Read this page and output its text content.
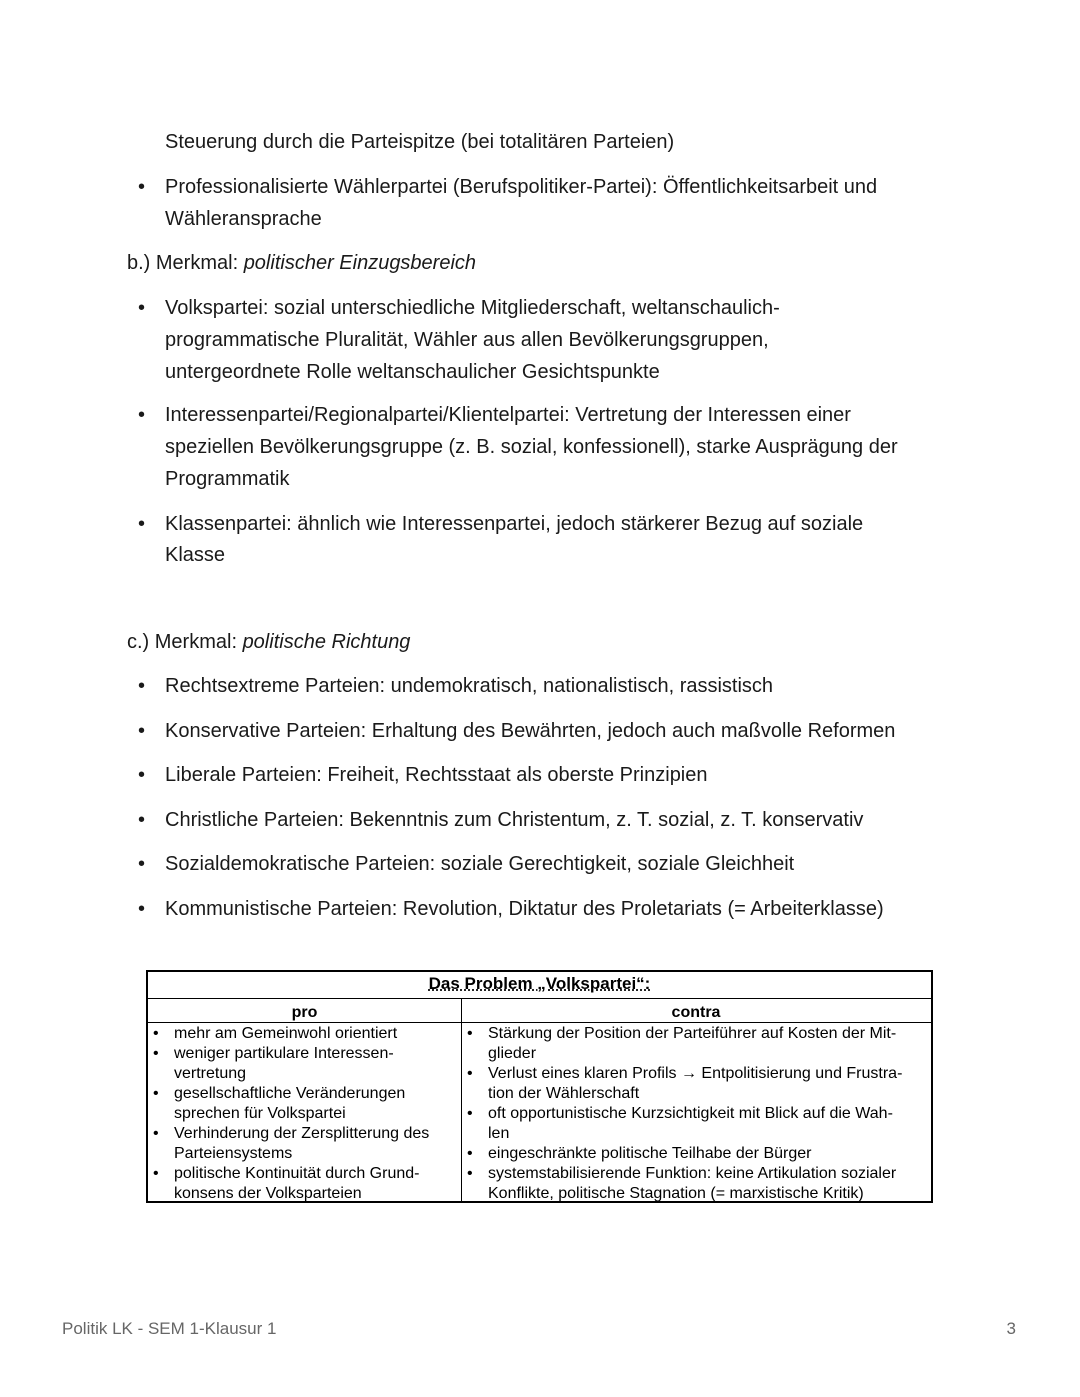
Steuerung durch die Parteispitze (bei totalitären Parteien)
• Professionalisierte Wählerpartei (Berufspolitiker-Partei): Öffentlichkeitsarbeit und
Wähleransprache
b.) Merkmal: politischer Einzugsbereich
• Volkspartei: sozial unterschiedliche Mitgliederschaft, weltanschaulich-
programmatische Pluralität, Wähler aus allen Bevölkerungsgruppen,
untergeordnete Rolle weltanschaulicher Gesichtspunkte
• Interessenpartei/Regionalpartei/Klientelpartei: Vertretung der Interessen einer
speziellen Bevölkerungsgruppe (z. B. sozial, konfessionell), starke Ausprägung der
Programmatik
• Klassenpartei: ähnlich wie Interessenpartei, jedoch stärkerer Bezug auf soziale
Klasse
c.) Merkmal: politische Richtung
• Rechtsextreme Parteien: undemokratisch, nationalistisch, rassistisch
• Konservative Parteien: Erhaltung des Bewährten, jedoch auch maßvolle Reformen
• Liberale Parteien: Freiheit, Rechtsstaat als oberste Prinzipien
• Christliche Parteien: Bekenntnis zum Christentum, z. T. sozial, z. T. konservativ
• Sozialdemokratische Parteien: soziale Gerechtigkeit, soziale Gleichheit
• Kommunistische Parteien: Revolution, Diktatur des Proletariats (= Arbeiterklasse)
Das Problem „Volkspartei“:
pro	contra
• mehr am Gemeinwohl orientiert
• weniger partikulare Interessen-
vertretung
• gesellschaftliche Veränderungen
sprechen für Volkspartei
• Verhinderung der Zersplitterung des
Parteiensystems
• politische Kontinuität durch Grund-
konsens der Volksparteien
• Stärkung der Position der Parteiführer auf Kosten der Mit-
glieder
• Verlust eines klaren Profils → Entpolitisierung und Frustra-
tion der Wählerschaft
• oft opportunistische Kurzsichtigkeit mit Blick auf die Wah-
len
• eingeschränkte politische Teilhabe der Bürger
• systemstabilisierende Funktion: keine Artikulation sozialer
Konflikte, politische Stagnation (= marxistische Kritik)
Politik LK - SEM 1-Klausur 1	3
